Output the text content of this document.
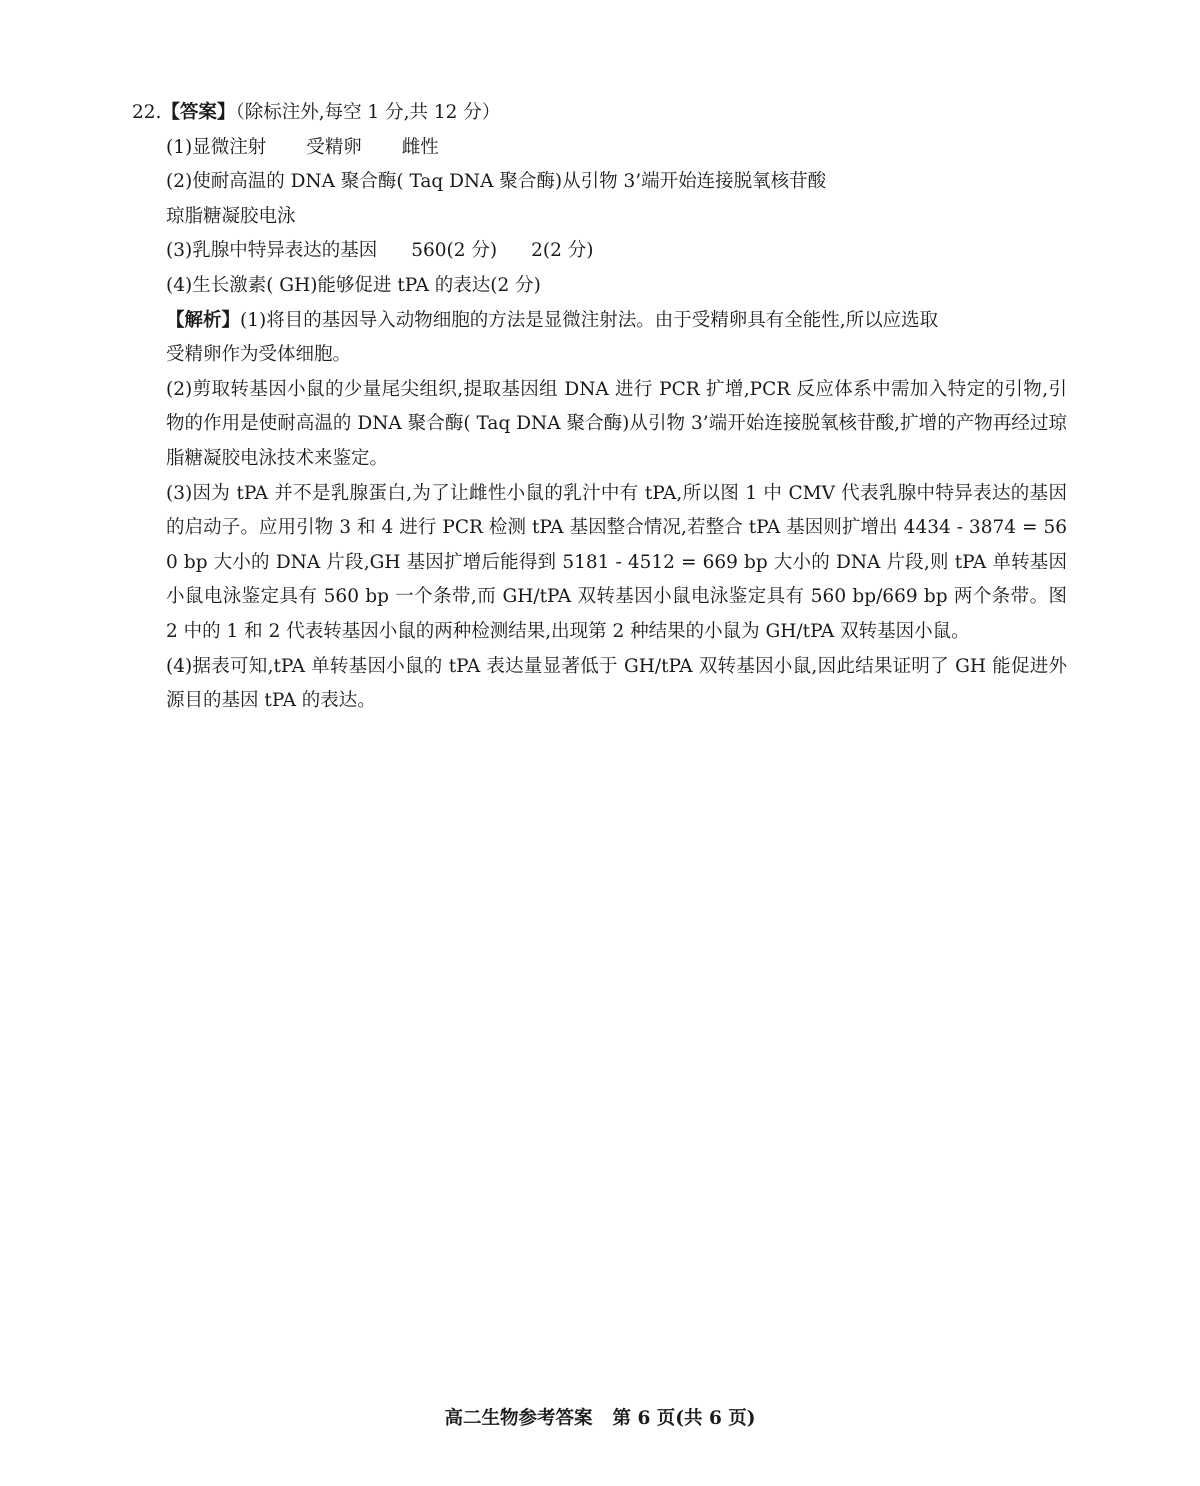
22.【答案】（除标注外,每空 1 分,共 12 分）
(1)显微注射 受精卵 雌性
(2)使耐高温的 DNA 聚合酶( Taq DNA 聚合酶)从引物 3’端开始连接脱氧核苷酸
琼脂糖凝胶电泳
(3)乳腺中特异表达的基因 560(2 分) 2(2 分)
(4)生长激素( GH)能够促进 tPA 的表达(2 分)
【解析】(1)将目的基因导入动物细胞的方法是显微注射法。由于受精卵具有全能性,所以应选取
受精卵作为受体细胞。
(2)剪取转基因小鼠的少量尾尖组织,提取基因组 DNA 进行 PCR 扩增,PCR 反应体系中需加入特定的引物,引物的作用是使耐高温的 DNA 聚合酶( Taq DNA 聚合酶)从引物 3’端开始连接脱氧核苷酸,扩增的产物再经过琼脂糖凝胶电泳技术来鉴定。
(3)因为 tPA 并不是乳腺蛋白,为了让雌性小鼠的乳汁中有 tPA,所以图 1 中 CMV 代表乳腺中特异表达的基因的启动子。应用引物 3 和 4 进行 PCR 检测 tPA 基因整合情况,若整合 tPA 基因则扩增出 4434 - 3874 = 560 bp 大小的 DNA 片段,GH 基因扩增后能得到 5181 - 4512 = 669 bp 大小的 DNA 片段,则 tPA 单转基因小鼠电泳鉴定具有 560 bp 一个条带,而 GH/tPA 双转基因小鼠电泳鉴定具有 560 bp/669 bp 两个条带。图 2 中的 1 和 2 代表转基因小鼠的两种检测结果,出现第 2 种结果的小鼠为 GH/tPA 双转基因小鼠。
(4)据表可知,tPA 单转基因小鼠的 tPA 表达量显著低于 GH/tPA 双转基因小鼠,因此结果证明了 GH 能促进外源目的基因 tPA 的表达。
高二生物参考答案 第 6 页(共 6 页)
